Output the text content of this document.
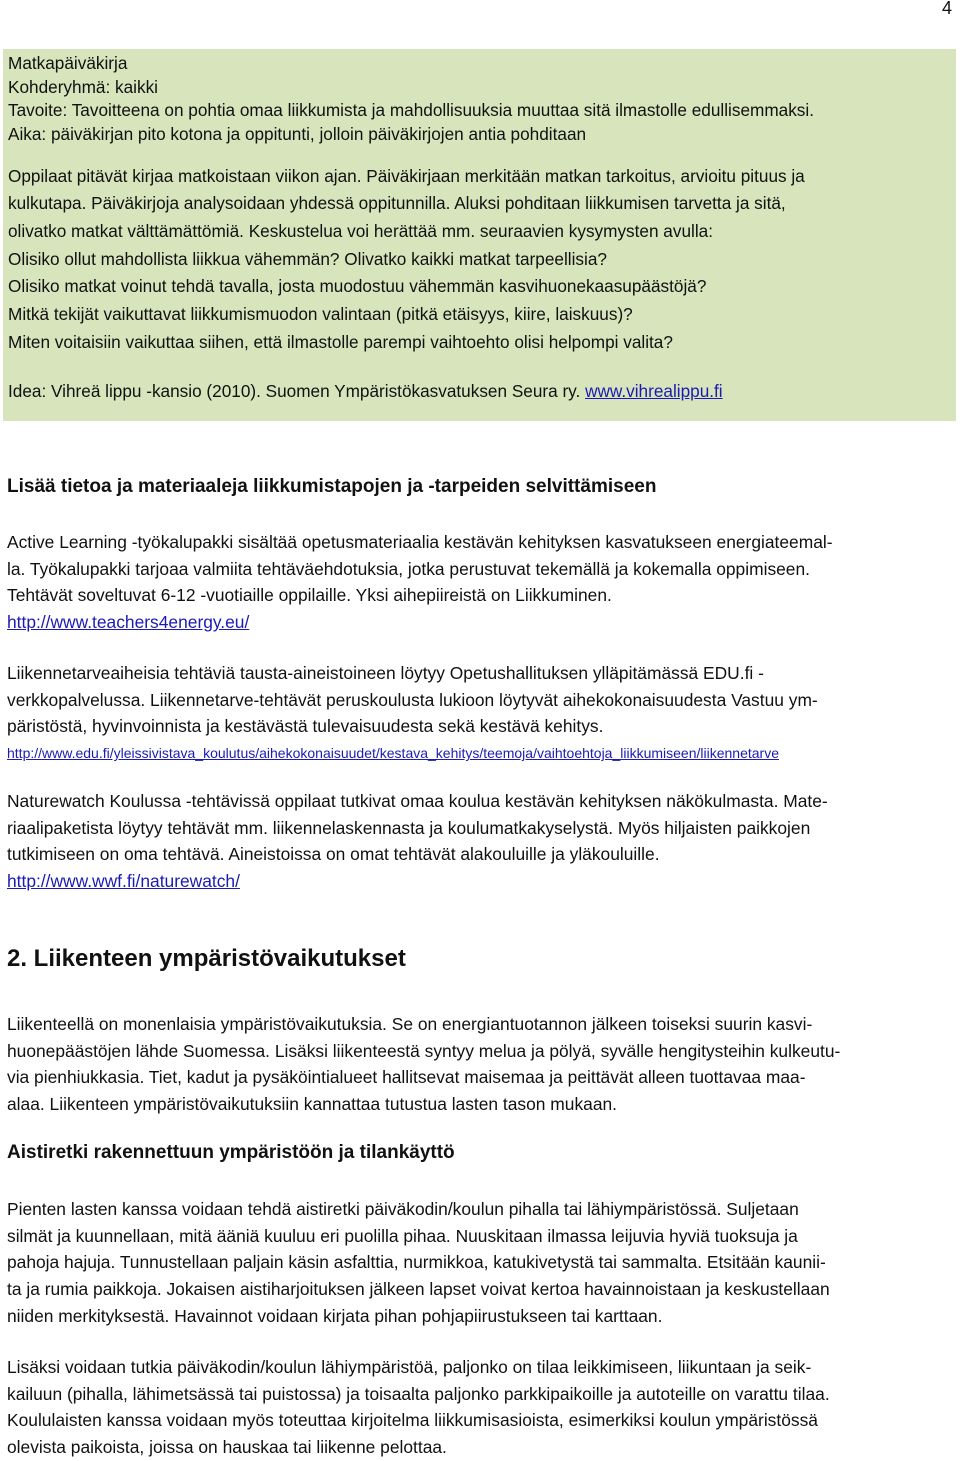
4

Matkapäiväkirja

Kohderyhmä: kaikki

Tavoite: Tavoitteena on pohtia omaa liikkumista ja mahdollisuuksia muuttaa sitä ilmastolle edullisemmaksi.

Aika: päiväkirjan pito kotona ja oppitunti, jolloin päiväkirjojen antia pohditaan

Oppilaat pitävät kirjaa matkoistaan viikon ajan. Päiväkirjaan merkitään matkan tarkoitus, arvioitu pituus ja

kulkutapa. Päiväkirjoja analysoidaan yhdessä oppitunnilla. Aluksi pohditaan liikkumisen tarvetta ja sitä,

olivatko matkat välttämättömiä. Keskustelua voi herättää mm. seuraavien kysymysten avulla:

Olisiko ollut mahdollista liikkua vähemmän? Olivatko kaikki matkat tarpeellisia?

Olisiko matkat voinut tehdä tavalla, josta muodostuu vähemmän kasvihuonekaasupäästöjä?

Mitkä tekijät vaikuttavat liikkumismuodon valintaan (pitkä etäisyys, kiire, laiskuus)?

Miten voitaisiin vaikuttaa siihen, että ilmastolle parempi vaihtoehto olisi helpompi valita?

Idea: Vihreä lippu -kansio (2010). Suomen Ympäristökasvatuksen Seura ry. www.vihrealippu.fi

Lisää tietoa ja materiaaleja liikkumistapojen ja -tarpeiden selvittämiseen

Active Learning -työkalupakki sisältää opetusmateriaalia kestävän kehityksen kasvatukseen energiateemal-

la. Työkalupakki tarjoaa valmiita tehtäväehdotuksia, jotka perustuvat tekemällä ja kokemalla oppimiseen.

Tehtävät soveltuvat 6-12 -vuotiaille oppilaille. Yksi aihepiireistä on Liikkuminen.

http://www.teachers4energy.eu/

Liikennetarveaiheisia tehtäviä tausta-aineistoineen löytyy Opetushallituksen ylläpitämässä EDU.fi -

verkkopalvelussa. Liikennetarve-tehtävät peruskoulusta lukioon löytyvät aihekokonaisuudesta Vastuu ym-

päristöstä, hyvinvoinnista ja kestävästä tulevaisuudesta sekä kestävä kehitys.

http://www.edu.fi/yleissivistava_koulutus/aihekokonaisuudet/kestava_kehitys/teemoja/vaihtoehtoja_liikkumiseen/liikennetarve

Naturewatch Koulussa -tehtävissä oppilaat tutkivat omaa koulua kestävän kehityksen näkökulmasta. Mate-

riaalipaketista löytyy tehtävät mm. liikennelaskennasta ja koulumatkakyselystä. Myös hiljaisten paikkojen

tutkimiseen on oma tehtävä. Aineistoissa on omat tehtävät alakouluille ja yläkouluille.

http://www.wwf.fi/naturewatch/

2. Liikenteen ympäristövaikutukset

Liikenteellä on monenlaisia ympäristövaikutuksia. Se on energiantuotannon jälkeen toiseksi suurin kasvi-

huonepäästöjen lähde Suomessa. Lisäksi liikenteestä syntyy melua ja pölyä, syvälle hengitysteihin kulkeutu-

via pienhiukkasia. Tiet, kadut ja pysäköintialueet hallitsevat maisemaa ja peittävät alleen tuottavaa maa-

alaa. Liikenteen ympäristövaikutuksiin kannattaa tutustua lasten tason mukaan.

Aistiretki rakennettuun ympäristöön ja tilankäyttö

Pienten lasten kanssa voidaan tehdä aistiretki päiväkodin/koulun pihalla tai lähiympäristössä. Suljetaan

silmät ja kuunnellaan, mitä ääniä kuuluu eri puolilla pihaa. Nuuskitaan ilmassa leijuvia hyviä tuoksuja ja

pahoja hajuja. Tunnustellaan paljain käsin asfalttia, nurmikkoa, katukivetystä tai sammalta. Etsitään kaunii-

ta ja rumia paikkoja. Jokaisen aistiharjoituksen jälkeen lapset voivat kertoa havainnoistaan ja keskustellaan

niiden merkityksestä. Havainnot voidaan kirjata pihan pohjapiirustukseen tai karttaan.

Lisäksi voidaan tutkia päiväkodin/koulun lähiympäristöä, paljonko on tilaa leikkimiseen, liikuntaan ja seik-

kailuun (pihalla, lähimetsässä tai puistossa) ja toisaalta paljonko parkkipaikoille ja autoteille on varattu tilaa.

Koululaisten kanssa voidaan myös toteuttaa kirjoitelma liikkumisasioista, esimerkiksi koulun ympäristössä

olevista paikoista, joissa on hauskaa tai liikenne pelottaa.
